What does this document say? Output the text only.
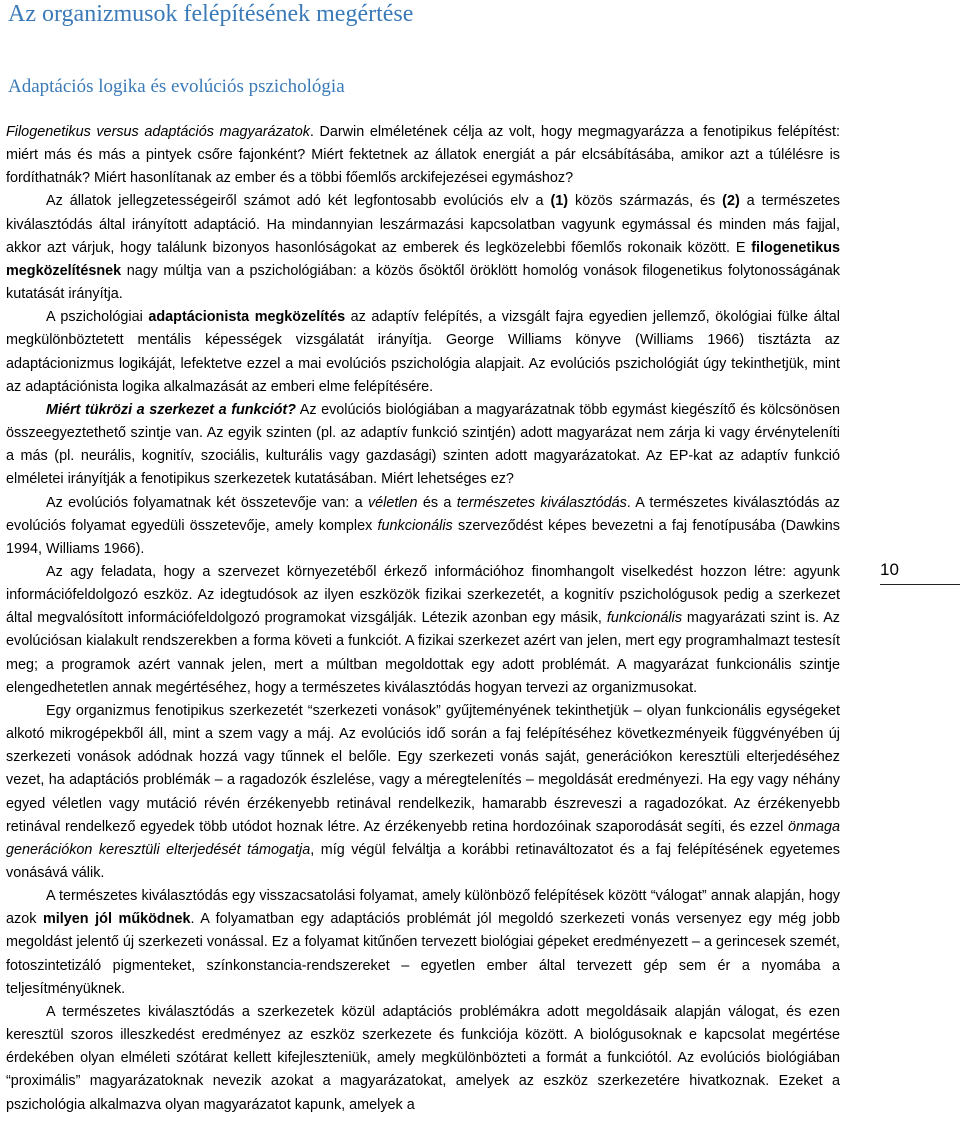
Az organizmusok felépítésének megértése
Adaptációs logika és evolúciós pszichológia

Filogenetikus versus adaptációs magyarázatok. Darwin elméletének célja az volt, hogy megmagyarázza a fenotipikus felépítést: miért más és más a pintyek csőre fajonként? Miért fektetnek az állatok energiát a pár elcsábításába, amikor azt a túlélésre is fordíthatnák? Miért hasonlítanak az ember és a többi főemlős arckifejezései egymáshoz?

Az állatok jellegzetességeiről számot adó két legfontosabb evolúciós elv a (1) közös származás, és (2) a természetes kiválasztódás által irányított adaptáció. Ha mindannyian leszármazási kapcsolatban vagyunk egymással és minden más fajjal, akkor azt várjuk, hogy találunk bizonyos hasonlóságokat az emberek és legközelebbi főemlős rokonaik között. E filogenetikus megközelítésnek nagy múltja van a pszichológiában: a közös ősöktől öröklött homológ vonások filogenetikus folytonosságának kutatását irányítja.

A pszichológiai adaptácionista megközelítés az adaptív felépítés, a vizsgált fajra egyedien jellemző, ökológiai fülke által megkülönböztetett mentális képességek vizsgálatát irányítja. George Williams könyve (Williams 1966) tisztázta az adaptácionizmus logikáját, lefektetve ezzel a mai evolúciós pszichológia alapjait. Az evolúciós pszichológiát úgy tekinthetjük, mint az adaptációnista logika alkalmazását az emberi elme felépítésére.

Miért tükrözi a szerkezet a funkciót? Az evolúciós biológiában a magyarázatnak több egymást kiegészítő és kölcsönösen összeegyeztethető szintje van. Az egyik szinten (pl. az adaptív funkció szintjén) adott magyarázat nem zárja ki vagy érvényteleníti a más (pl. neurális, kognitív, szociális, kulturális vagy gazdasági) szinten adott magyarázatokat. Az EP-kat az adaptív funkció elméletei irányítják a fenotipikus szerkezetek kutatásában. Miért lehetséges ez?

Az evolúciós folyamatnak két összetevője van: a véletlen és a természetes kiválasztódás. A természetes kiválasztódás az evolúciós folyamat egyedüli összetevője, amely komplex funkcionális szerveződést képes bevezetni a faj fenotípusába (Dawkins 1994, Williams 1966).

Az agy feladata, hogy a szervezet környezetéből érkező információhoz finomhangolt viselkedést hozzon létre: agyunk információfeldolgozó eszköz. Az idegtudósok az ilyen eszközök fizikai szerkezetét, a kognitív pszichológusok pedig a szerkezet által megvalósított információfeldolgozó programokat vizsgálják. Létezik azonban egy másik, funkcionális magyarázati szint is. Az evolúciósan kialakult rendszerekben a forma követi a funkciót. A fizikai szerkezet azért van jelen, mert egy programhalmazt testesít meg; a programok azért vannak jelen, mert a múltban megoldottak egy adott problémát. A magyarázat funkcionális szintje elengedhetetlen annak megértéséhez, hogy a természetes kiválasztódás hogyan tervezi az organizmusokat.

Egy organizmus fenotipikus szerkezetét “szerkezeti vonások” gyűjteményének tekinthetjük – olyan funkcionális egységeket alkotó mikrogépekből áll, mint a szem vagy a máj. Az evolúciós idő során a faj felépítéséhez következményeik függvényében új szerkezeti vonások adódnak hozzá vagy tűnnek el belőle. Egy szerkezeti vonás saját, generációkon keresztüli elterjedéséhez vezet, ha adaptációs problémák – a ragadozók észlelése, vagy a méregtelenítés – megoldását eredményezi. Ha egy vagy néhány egyed véletlen vagy mutáció révén érzékenyebb retinával rendelkezik, hamarabb észreveszi a ragadozókat. Az érzékenyebb retinával rendelkező egyedek több utódot hoznak létre. Az érzékenyebb retina hordozóinak szaporodását segíti, és ezzel önmaga generációkon keresztüli elterjedését támogatja, míg végül felváltja a korábbi retinaváltozatot és a faj felépítésének egyetemes vonásává válik.

A természetes kiválasztódás egy visszacsatolási folyamat, amely különböző felépítések között “válogat” annak alapján, hogy azok milyen jól működnek. A folyamatban egy adaptációs problémát jól megoldó szerkezeti vonás versenyez egy még jobb megoldást jelentő új szerkezeti vonással. Ez a folyamat kitűnően tervezett biológiai gépeket eredményezett – a gerincesek szemét, fotoszintetizáló pigmenteket, színkonstancia-rendszereket – egyetlen ember által tervezett gép sem ér a nyomába a teljesítményüknek.

A természetes kiválasztódás a szerkezetek közül adaptációs problémákra adott megoldásaik alapján válogat, és ezen keresztül szoros illeszkedést eredményez az eszköz szerkezete és funkciója között. A biológusoknak e kapcsolat megértése érdekében olyan elméleti szótárat kellett kifejleszteniük, amely megkülönbözteti a formát a funkciótól. Az evolúciós biológiában “proximális” magyarázatoknak nevezik azokat a magyarázatokat, amelyek az eszköz szerkezetére hivatkoznak. Ezeket a pszichológia alkalmazva olyan magyarázatot kapunk, amelyek a

10
